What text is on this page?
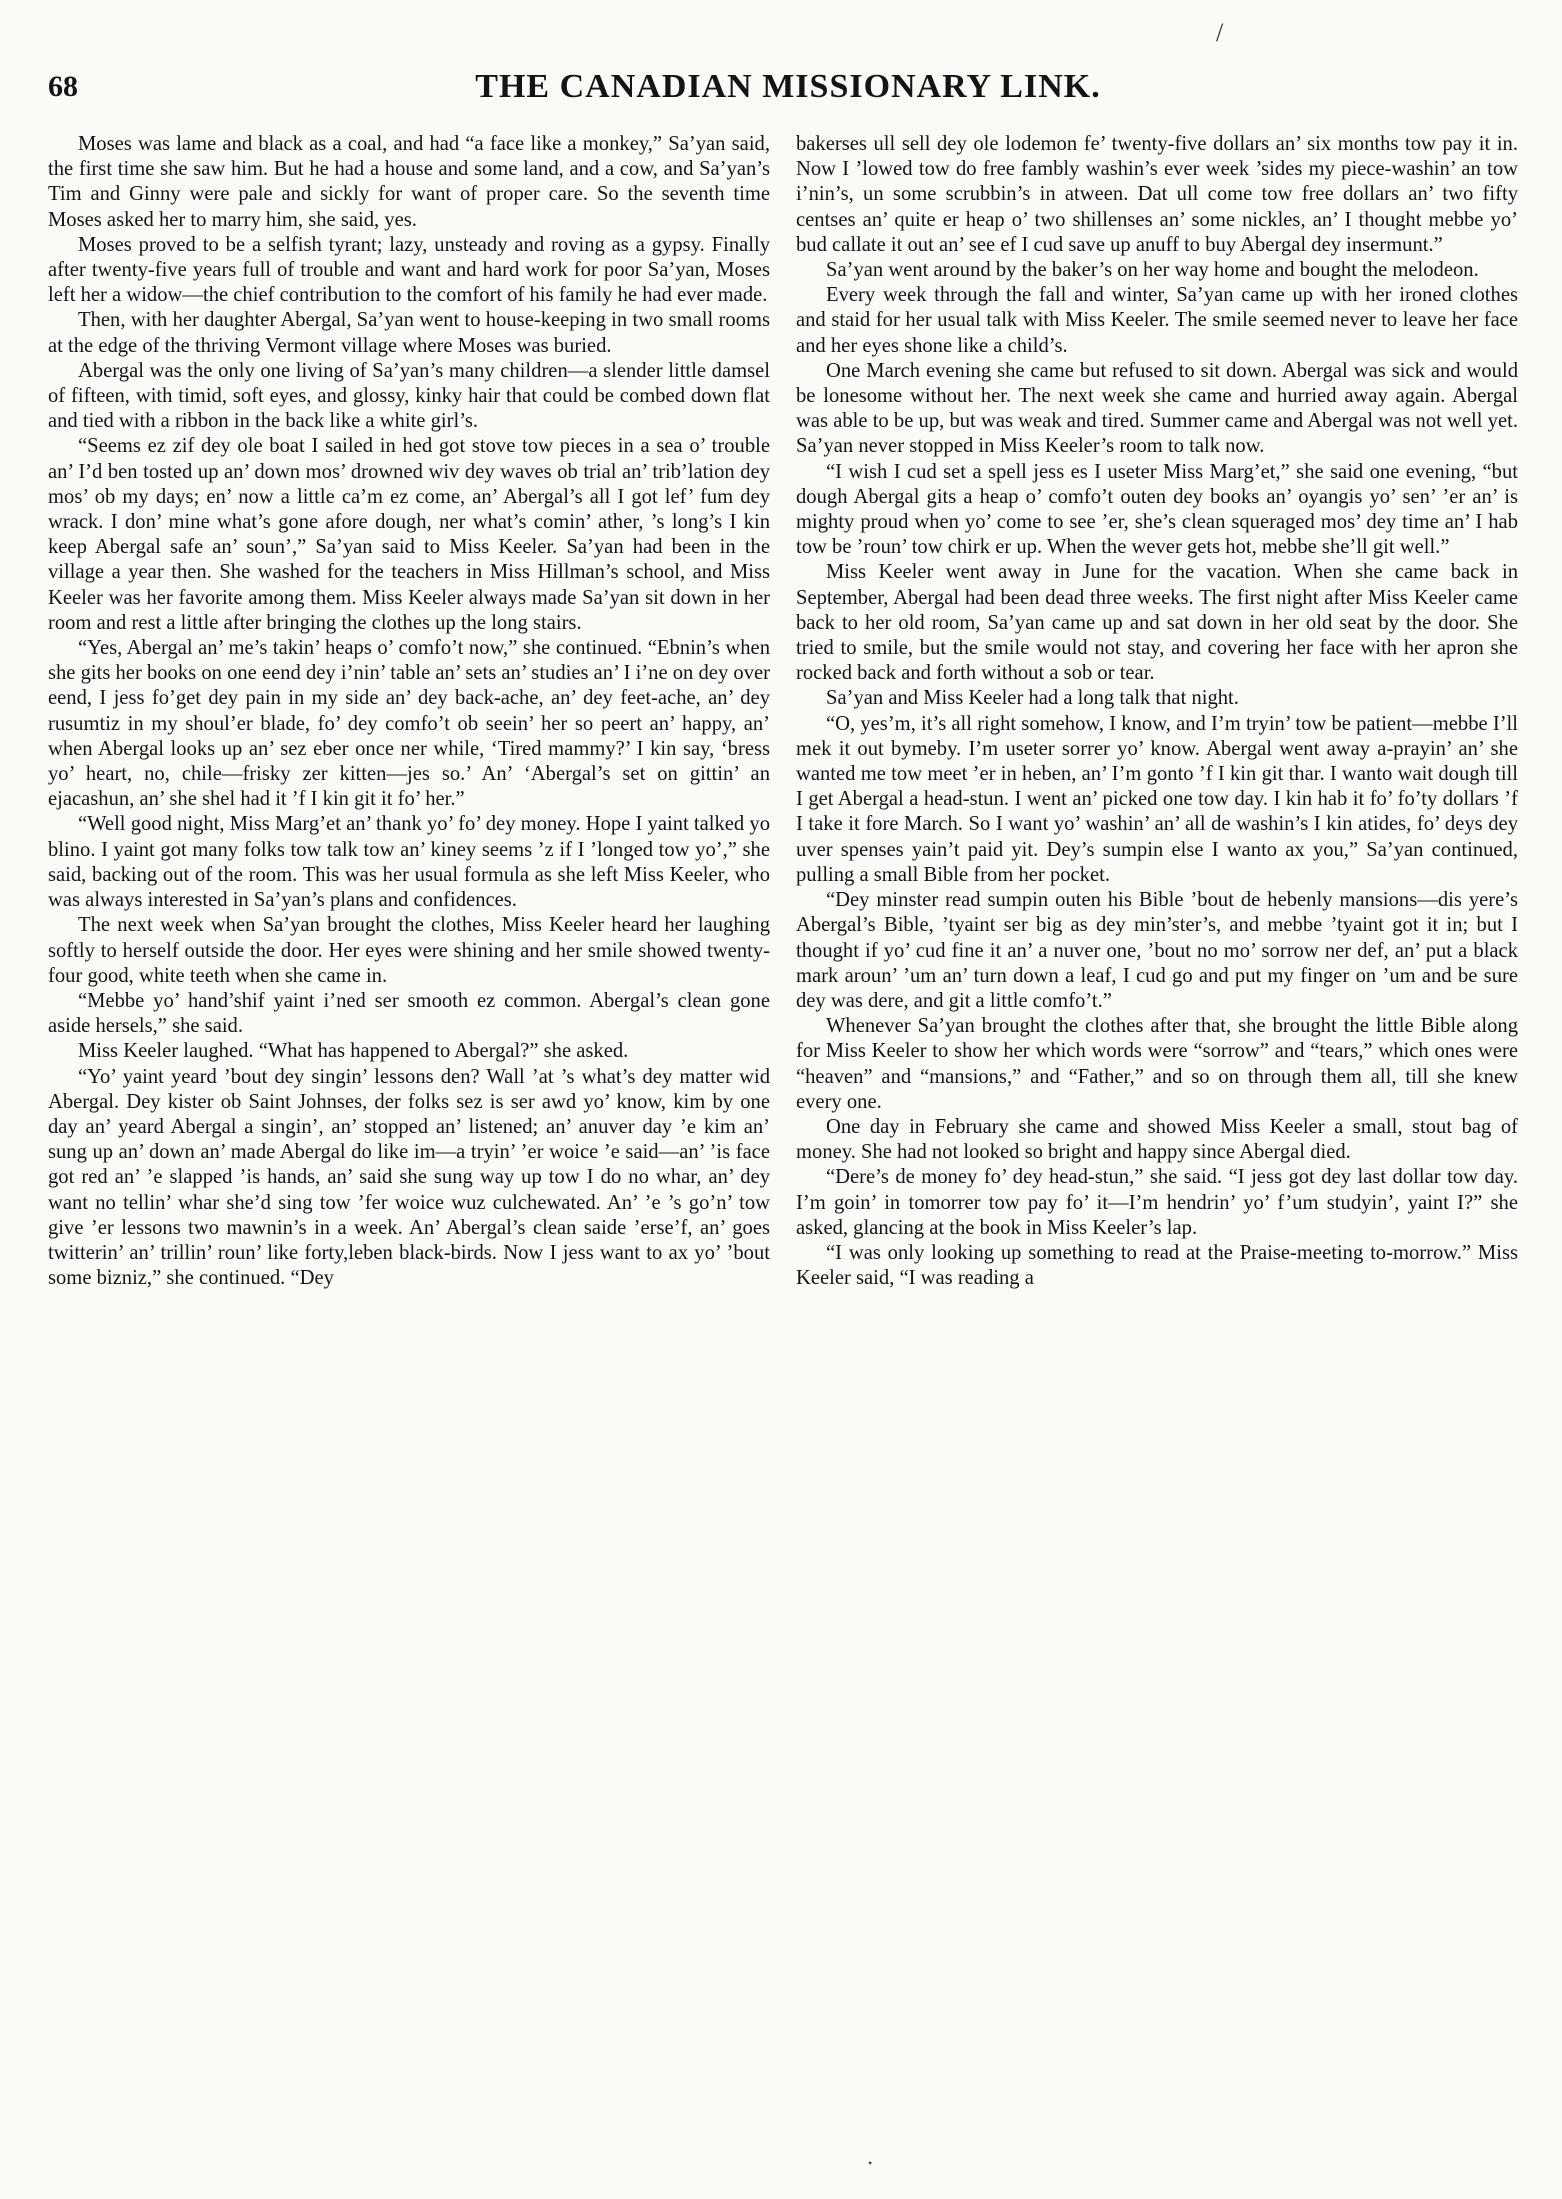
/
68	THE CANADIAN MISSIONARY LINK.

Moses was lame and black as a coal, and had “a face like a monkey,” Sa’yan said, the first time she saw him. But he had a house and some land, and a cow, and Sa’yan’s Tim and Ginny were pale and sickly for want of proper care. So the seventh time Moses asked her to marry him, she said, yes.

Moses proved to be a selfish tyrant; lazy, unsteady and roving as a gypsy. Finally after twenty-five years full of trouble and want and hard work for poor Sa’yan, Moses left her a widow—the chief contribution to the comfort of his family he had ever made.

Then, with her daughter Abergal, Sa’yan went to house-keeping in two small rooms at the edge of the thriving Vermont village where Moses was buried.

Abergal was the only one living of Sa’yan’s many children—a slender little damsel of fifteen, with timid, soft eyes, and glossy, kinky hair that could be combed down flat and tied with a ribbon in the back like a white girl’s.

“Seems ez zif dey ole boat I sailed in hed got stove tow pieces in a sea o’ trouble an’ I’d ben tosted up an’ down mos’ drowned wiv dey waves ob trial an’ trib’lation dey mos’ ob my days; en’ now a little ca’m ez come, an’ Abergal’s all I got lef’ fum dey wrack. I don’ mine what’s gone afore dough, ner what’s comin’ ather, ’s long’s I kin keep Abergal safe an’ soun’,” Sa’yan said to Miss Keeler. Sa’yan had been in the village a year then. She washed for the teachers in Miss Hillman’s school, and Miss Keeler was her favorite among them. Miss Keeler always made Sa’yan sit down in her room and rest a little after bringing the clothes up the long stairs.

“Yes, Abergal an’ me’s takin’ heaps o’ comfo’t now,” she continued. “Ebnin’s when she gits her books on one eend dey i’nin’ table an’ sets an’ studies an’ I i’ne on dey over eend, I jess fo’get dey pain in my side an’ dey back-ache, an’ dey feet-ache, an’ dey rusumtiz in my shoul’er blade, fo’ dey comfo’t ob seein’ her so peert an’ happy, an’ when Abergal looks up an’ sez eber once ner while, ‘Tired mammy?’ I kin say, ‘bress yo’ heart, no, chile—frisky zer kitten—jes so.’ An’ ‘Abergal’s set on gittin’ an ejacashun, an’ she shel had it ’f I kin git it fo’ her.”

“Well good night, Miss Marg’et an’ thank yo’ fo’ dey money. Hope I yaint talked yo blino. I yaint got many folks tow talk tow an’ kiney seems ’z if I ’longed tow yo’,” she said, backing out of the room. This was her usual formula as she left Miss Keeler, who was always interested in Sa’yan’s plans and confidences.

The next week when Sa’yan brought the clothes, Miss Keeler heard her laughing softly to herself outside the door. Her eyes were shining and her smile showed twenty-four good, white teeth when she came in.

“Mebbe yo’ hand’shif yaint i’ned ser smooth ez common. Abergal’s clean gone aside hersels,” she said.

Miss Keeler laughed. “What has happened to Abergal?” she asked.

“Yo’ yaint yeard ’bout dey singin’ lessons den? Wall ’at ’s what’s dey matter wid Abergal. Dey kister ob Saint Johnses, der folks sez is ser awd yo’ know, kim by one day an’ yeard Abergal a singin’, an’ stopped an’ listened; an’ anuver day ’e kim an’ sung up an’ down an’ made Abergal do like im—a tryin’ ’er woice ’e said—an’ ’is face got red an’ ’e slapped ’is hands, an’ said she sung way up tow I do no whar, an’ dey want no tellin’ whar she’d sing tow ’fer woice wuz culchewated. An’ ’e ’s go’n’ tow give ’er lessons two mawnin’s in a week. An’ Abergal’s clean saide ’erse’f, an’ goes twitterin’ an’ trillin’ roun’ like forty,leben black-birds. Now I jess want to ax yo’ ’bout some bizniz,” she continued. “Dey

bakerses ull sell dey ole lodemon fe’ twenty-five dollars an’ six months tow pay it in. Now I ’lowed tow do free fambly washin’s ever week ’sides my piece-washin’ an tow i’nin’s, un some scrubbin’s in atween. Dat ull come tow free dollars an’ two fifty centses an’ quite er heap o’ two shillenses an’ some nickles, an’ I thought mebbe yo’ bud callate it out an’ see ef I cud save up anuff to buy Abergal dey insermunt.”

Sa’yan went around by the baker’s on her way home and bought the melodeon.

Every week through the fall and winter, Sa’yan came up with her ironed clothes and staid for her usual talk with Miss Keeler. The smile seemed never to leave her face and her eyes shone like a child’s.

One March evening she came but refused to sit down. Abergal was sick and would be lonesome without her. The next week she came and hurried away again. Abergal was able to be up, but was weak and tired. Summer came and Abergal was not well yet. Sa’yan never stopped in Miss Keeler’s room to talk now.

“I wish I cud set a spell jess es I useter Miss Marg’et,” she said one evening, “but dough Abergal gits a heap o’ comfo’t outen dey books an’ oyangis yo’ sen’ ’er an’ is mighty proud when yo’ come to see ’er, she’s clean squeraged mos’ dey time an’ I hab tow be ’roun’ tow chirk er up. When the wever gets hot, mebbe she’ll git well.”

Miss Keeler went away in June for the vacation. When she came back in September, Abergal had been dead three weeks. The first night after Miss Keeler came back to her old room, Sa’yan came up and sat down in her old seat by the door. She tried to smile, but the smile would not stay, and covering her face with her apron she rocked back and forth without a sob or tear.

Sa’yan and Miss Keeler had a long talk that night.

“O, yes’m, it’s all right somehow, I know, and I’m tryin’ tow be patient—mebbe I’ll mek it out bymeby. I’m useter sorrer yo’ know. Abergal went away a-prayin’ an’ she wanted me tow meet ’er in heben, an’ I’m gonto ’f I kin git thar. I wanto wait dough till I get Abergal a head-stun. I went an’ picked one tow day. I kin hab it fo’ fo’ty dollars ’f I take it fore March. So I want yo’ washin’ an’ all de washin’s I kin atides, fo’ deys dey uver spenses yain’t paid yit. Dey’s sumpin else I wanto ax you,” Sa’yan continued, pulling a small Bible from her pocket.

“Dey minster read sumpin outen his Bible ’bout de hebenly mansions—dis yere’s Abergal’s Bible, ’tyaint ser big as dey min’ster’s, and mebbe ’tyaint got it in; but I thought if yo’ cud fine it an’ a nuver one, ’bout no mo’ sorrow ner def, an’ put a black mark aroun’ ’um an’ turn down a leaf, I cud go and put my finger on ’um and be sure dey was dere, and git a little comfo’t.”

Whenever Sa’yan brought the clothes after that, she brought the little Bible along for Miss Keeler to show her which words were “sorrow” and “tears,” which ones were “heaven” and “mansions,” and “Father,” and so on through them all, till she knew every one.

One day in February she came and showed Miss Keeler a small, stout bag of money. She had not looked so bright and happy since Abergal died.

“Dere’s de money fo’ dey head-stun,” she said. “I jess got dey last dollar tow day. I’m goin’ in tomorrer tow pay fo’ it—I’m hendrin’ yo’ f’um studyin’, yaint I?” she asked, glancing at the book in Miss Keeler’s lap.

“I was only looking up something to read at the Praise-meeting to-morrow.” Miss Keeler said, “I was reading a

•
